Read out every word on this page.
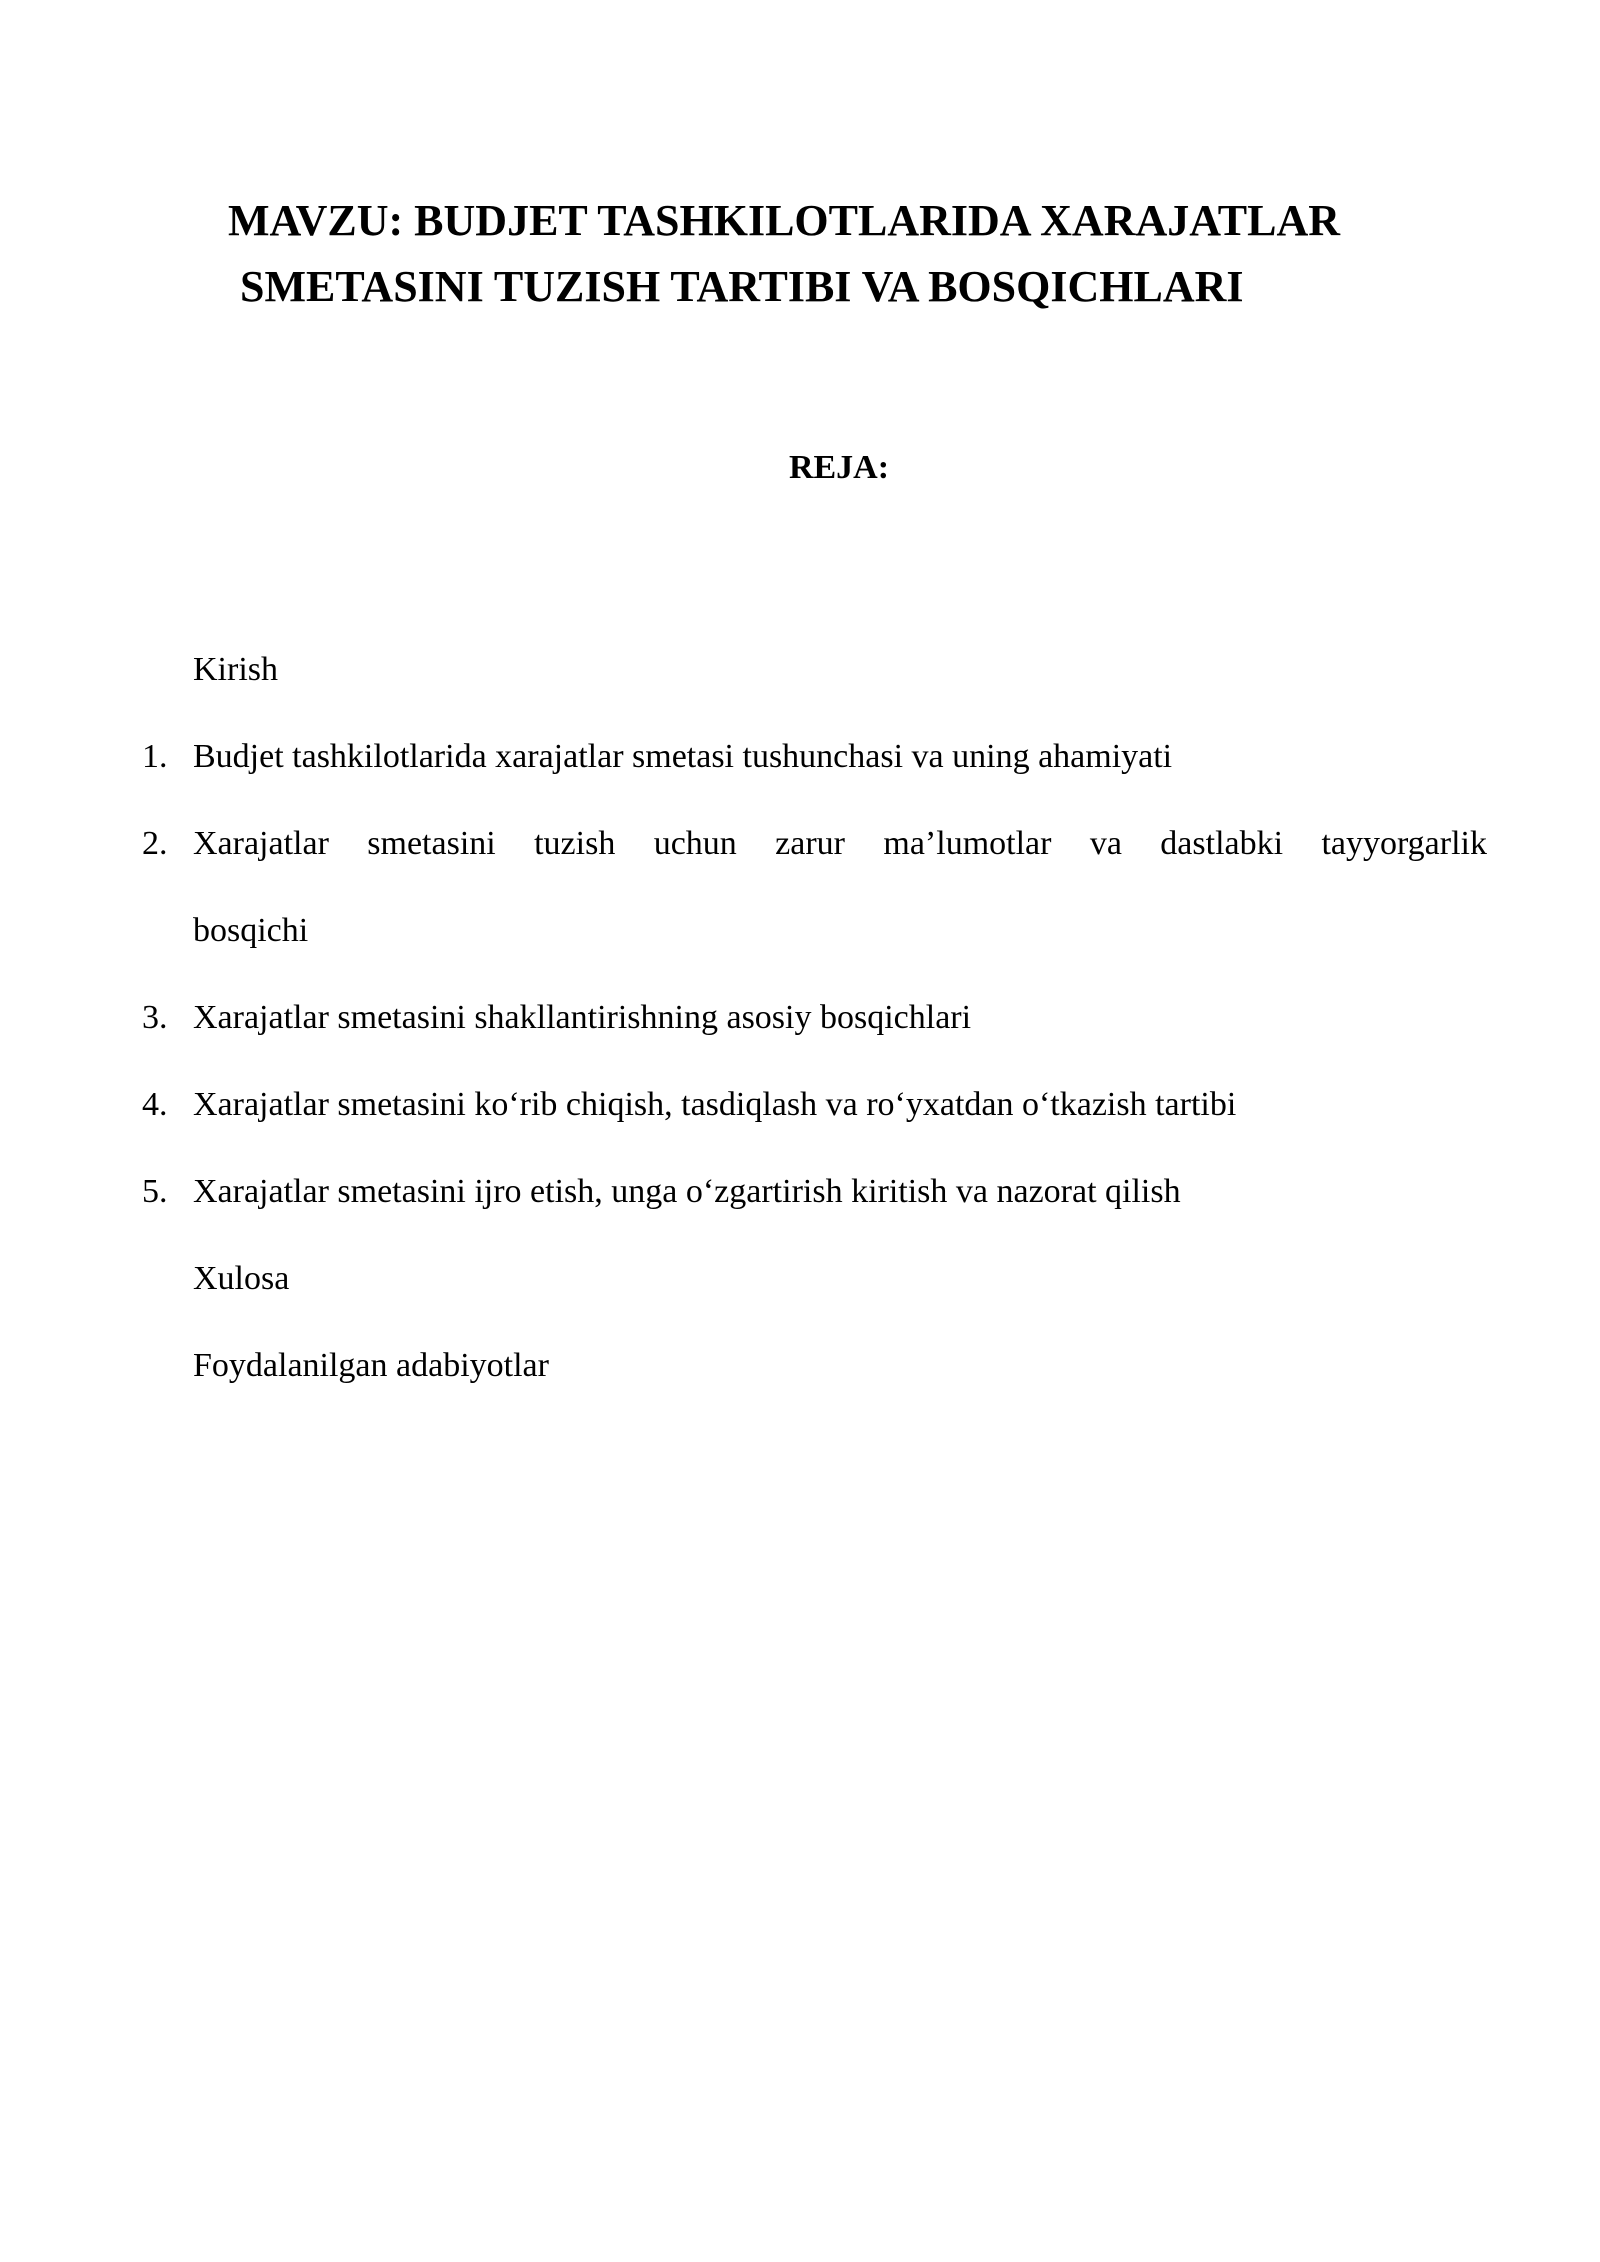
MAVZU: BUDJET TASHKILOTLARIDA XARAJATLAR
SMETASINI TUZISH TARTIBI VA BOSQICHLARI
REJA:
Kirish
1. Budjet tashkilotlarida xarajatlar smetasi tushunchasi va uning ahamiyati
2. Xarajatlar smetasini tuzish uchun zarur ma’lumotlar va dastlabki tayyorgarlik
bosqichi
3. Xarajatlar smetasini shakllantirishning asosiy bosqichlari
4. Xarajatlar smetasini koʻrib chiqish, tasdiqlash va roʻyxatdan oʻtkazish tartibi
5. Xarajatlar smetasini ijro etish, unga oʻzgartirish kiritish va nazorat qilish
Xulosa
Foydalanilgan adabiyotlar
